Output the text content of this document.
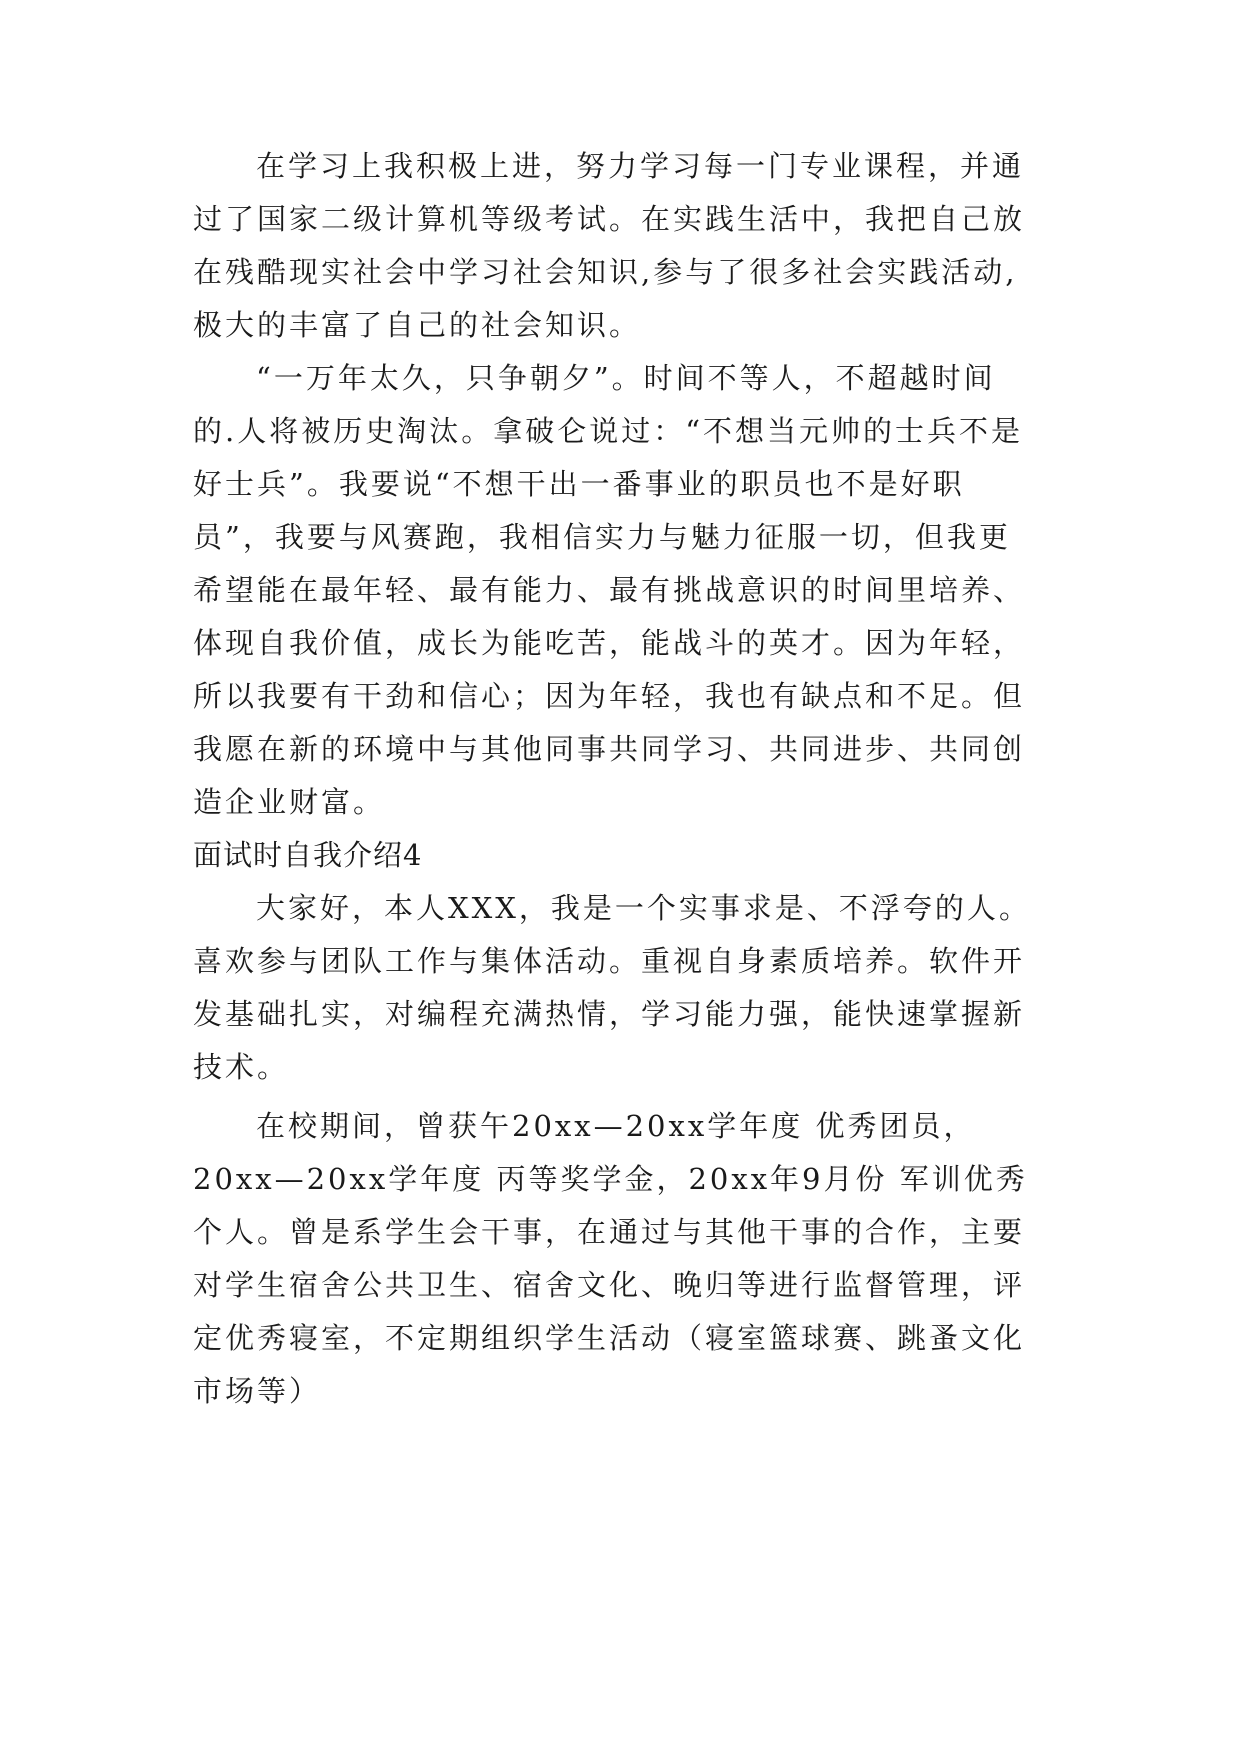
在学习上我积极上进，努力学习每一门专业课程，并通
过了国家二级计算机等级考试。在实践生活中，我把自己放
在残酷现实社会中学习社会知识,参与了很多社会实践活动,
极大的丰富了自己的社会知识。
“一万年太久，只争朝夕”。时间不等人，不超越时间
的.人将被历史淘汰。拿破仑说过：“不想当元帅的士兵不是
好士兵”。我要说“不想干出一番事业的职员也不是好职
员”，我要与风赛跑，我相信实力与魅力征服一切，但我更
希望能在最年轻、最有能力、最有挑战意识的时间里培养、
体现自我价值，成长为能吃苦，能战斗的英才。因为年轻，
所以我要有干劲和信心；因为年轻，我也有缺点和不足。但
我愿在新的环境中与其他同事共同学习、共同进步、共同创
造企业财富。
面试时自我介绍4
大家好，本人XXX，我是一个实事求是、不浮夸的人。
喜欢参与团队工作与集体活动。重视自身素质培养。软件开
发基础扎实，对编程充满热情，学习能力强，能快速掌握新
技术。
在校期间，曾获午20xx—20xx学年度 优秀团员，
20xx—20xx学年度 丙等奖学金，20xx年9月份 军训优秀
个人。曾是系学生会干事，在通过与其他干事的合作，主要
对学生宿舍公共卫生、宿舍文化、晚归等进行监督管理，评
定优秀寝室，不定期组织学生活动（寝室篮球赛、跳蚤文化
市场等）
